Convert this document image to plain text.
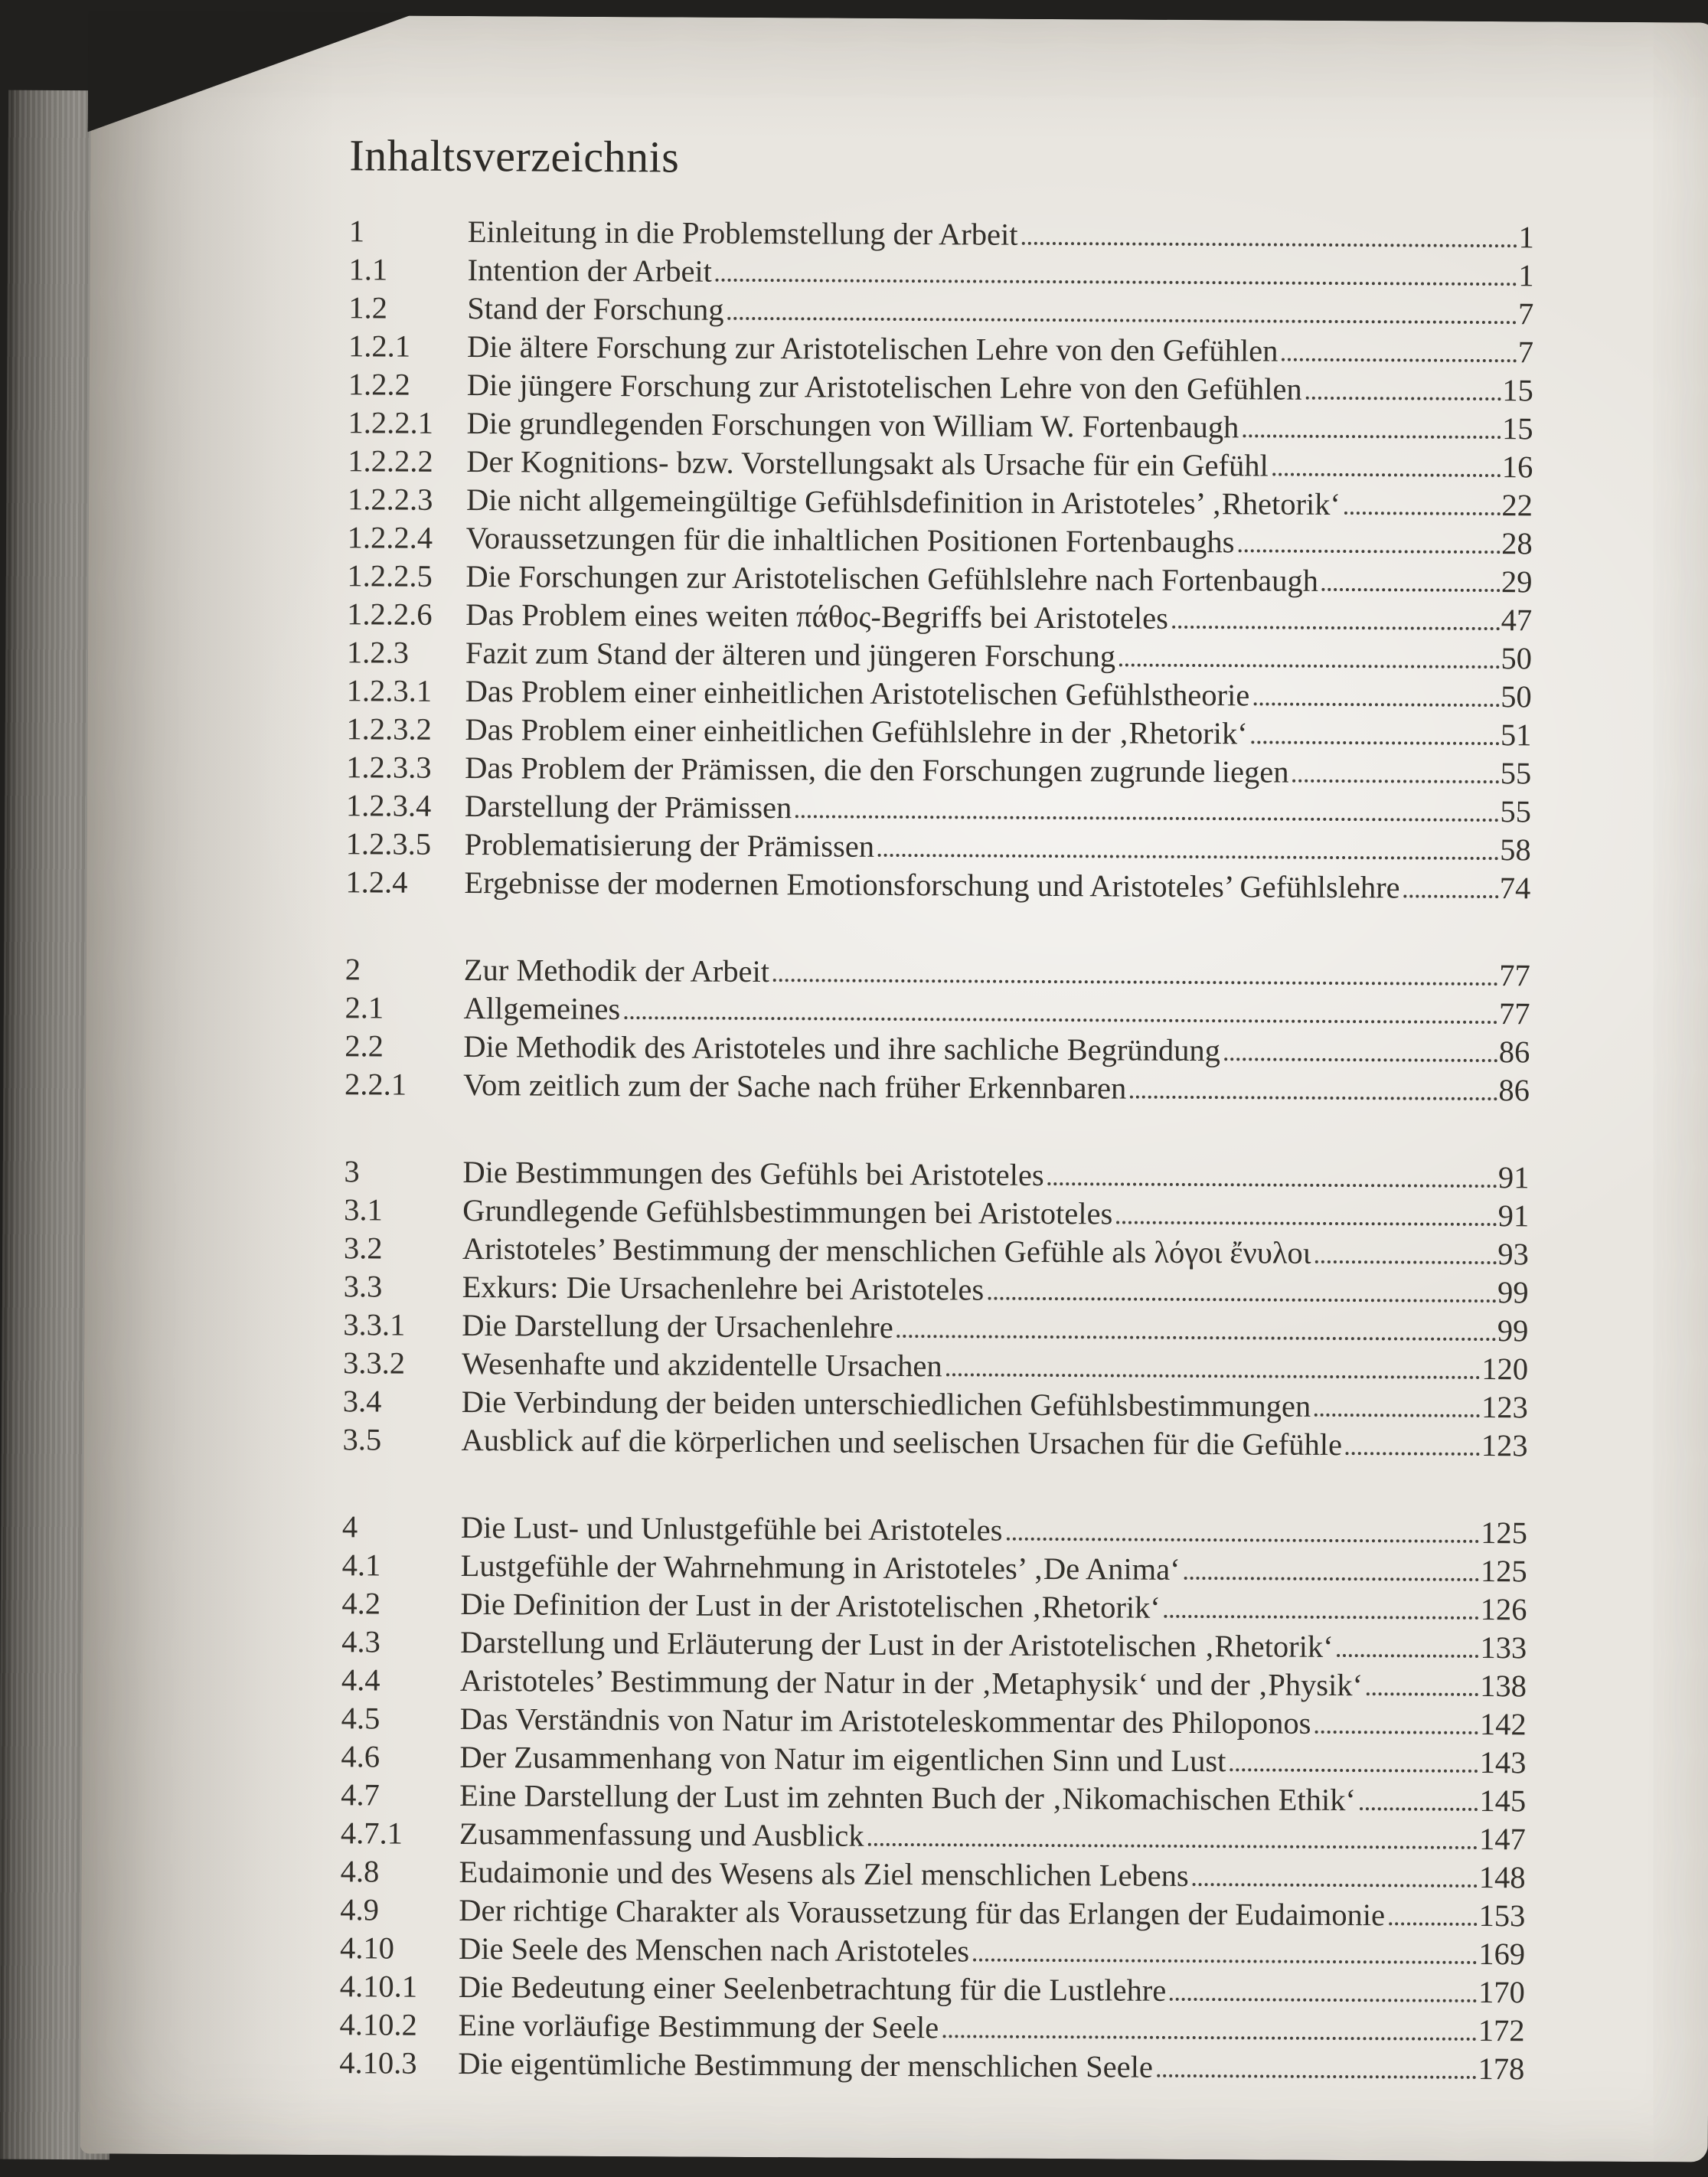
Inhaltsverzeichnis
1	Einleitung in die Problemstellung der Arbeit	1
1.1	Intention der Arbeit	1
1.2	Stand der Forschung	7
1.2.1	Die ältere Forschung zur Aristotelischen Lehre von den Gefühlen	7
1.2.2	Die jüngere Forschung zur Aristotelischen Lehre von den Gefühlen	15
1.2.2.1	Die grundlegenden Forschungen von William W. Fortenbaugh	15
1.2.2.2	Der Kognitions- bzw. Vorstellungsakt als Ursache für ein Gefühl	16
1.2.2.3	Die nicht allgemeingültige Gefühlsdefinition in Aristoteles’ ‚Rhetorik‘	22
1.2.2.4	Voraussetzungen für die inhaltlichen Positionen Fortenbaughs	28
1.2.2.5	Die Forschungen zur Aristotelischen Gefühlslehre nach Fortenbaugh	29
1.2.2.6	Das Problem eines weiten πάθος-Begriffs bei Aristoteles	47
1.2.3	Fazit zum Stand der älteren und jüngeren Forschung	50
1.2.3.1	Das Problem einer einheitlichen Aristotelischen Gefühlstheorie	50
1.2.3.2	Das Problem einer einheitlichen Gefühlslehre in der ‚Rhetorik‘	51
1.2.3.3	Das Problem der Prämissen, die den Forschungen zugrunde liegen	55
1.2.3.4	Darstellung der Prämissen	55
1.2.3.5	Problematisierung der Prämissen	58
1.2.4	Ergebnisse der modernen Emotionsforschung und Aristoteles’ Gefühlslehre	74
2	Zur Methodik der Arbeit	77
2.1	Allgemeines	77
2.2	Die Methodik des Aristoteles und ihre sachliche Begründung	86
2.2.1	Vom zeitlich zum der Sache nach früher Erkennbaren	86
3	Die Bestimmungen des Gefühls bei Aristoteles	91
3.1	Grundlegende Gefühlsbestimmungen bei Aristoteles	91
3.2	Aristoteles’ Bestimmung der menschlichen Gefühle als λόγοι ἔνυλοι	93
3.3	Exkurs: Die Ursachenlehre bei Aristoteles	99
3.3.1	Die Darstellung der Ursachenlehre	99
3.3.2	Wesenhafte und akzidentelle Ursachen	120
3.4	Die Verbindung der beiden unterschiedlichen Gefühlsbestimmungen	123
3.5	Ausblick auf die körperlichen und seelischen Ursachen für die Gefühle	123
4	Die Lust- und Unlustgefühle bei Aristoteles	125
4.1	Lustgefühle der Wahrnehmung in Aristoteles’ ‚De Anima‘	125
4.2	Die Definition der Lust in der Aristotelischen ‚Rhetorik‘	126
4.3	Darstellung und Erläuterung der Lust in der Aristotelischen ‚Rhetorik‘	133
4.4	Aristoteles’ Bestimmung der Natur in der ‚Metaphysik‘ und der ‚Physik‘	138
4.5	Das Verständnis von Natur im Aristoteleskommentar des Philoponos	142
4.6	Der Zusammenhang von Natur im eigentlichen Sinn und Lust	143
4.7	Eine Darstellung der Lust im zehnten Buch der ‚Nikomachischen Ethik‘	145
4.7.1	Zusammenfassung und Ausblick	147
4.8	Eudaimonie und des Wesens als Ziel menschlichen Lebens	148
4.9	Der richtige Charakter als Voraussetzung für das Erlangen der Eudaimonie	153
4.10	Die Seele des Menschen nach Aristoteles	169
4.10.1	Die Bedeutung einer Seelenbetrachtung für die Lustlehre	170
4.10.2	Eine vorläufige Bestimmung der Seele	172
4.10.3	Die eigentümliche Bestimmung der menschlichen Seele	178
